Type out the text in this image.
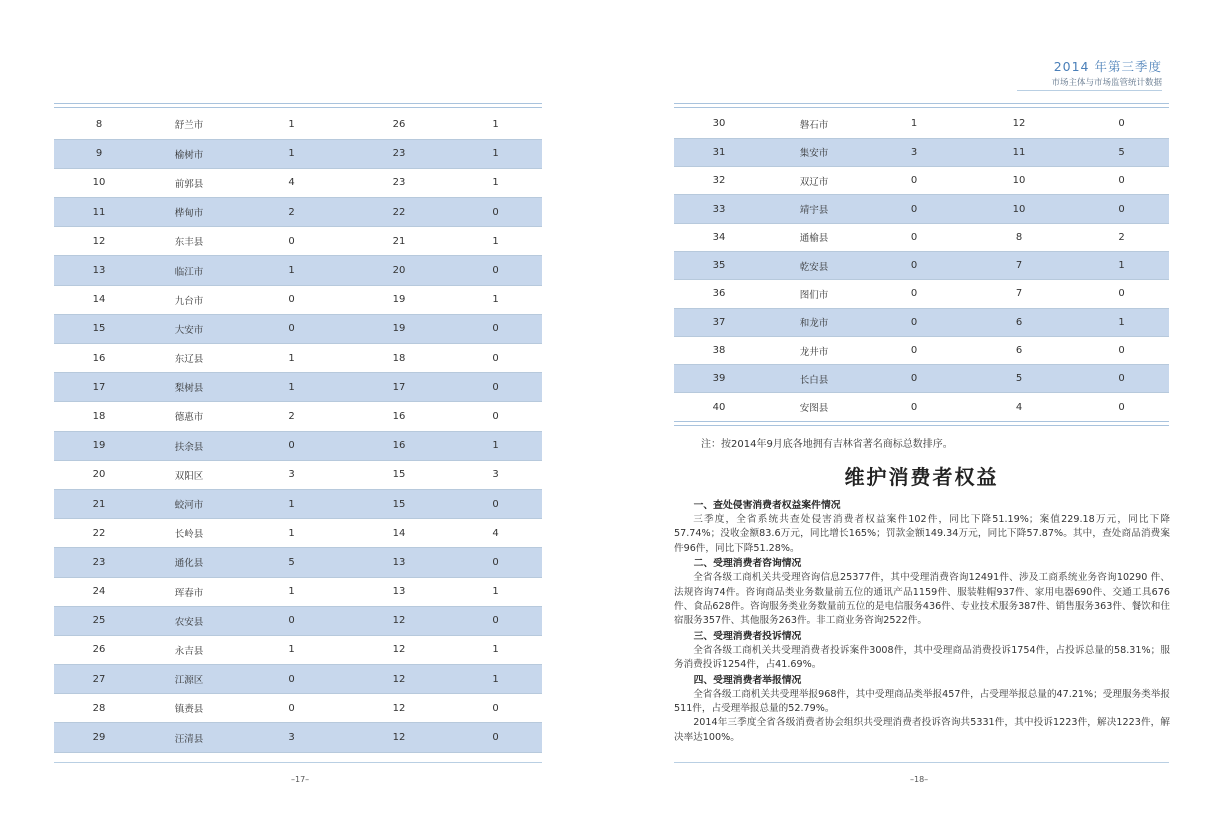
8	舒兰市	1	26	1
9	榆树市	1	23	1
10	前郭县	4	23	1
11	桦甸市	2	22	0
12	东丰县	0	21	1
13	临江市	1	20	0
14	九台市	0	19	1
15	大安市	0	19	0
16	东辽县	1	18	0
17	梨树县	1	17	0
18	德惠市	2	16	0
19	扶余县	0	16	1
20	双阳区	3	15	3
21	蛟河市	1	15	0
22	长岭县	1	14	4
23	通化县	5	13	0
24	珲春市	1	13	1
25	农安县	0	12	0
26	永吉县	1	12	1
27	江源区	0	12	1
28	镇赉县	0	12	0
29	汪清县	3	12	0
–17–
2014 年第三季度
市场主体与市场监管统计数据
30	磐石市	1	12	0
31	集安市	3	11	5
32	双辽市	0	10	0
33	靖宇县	0	10	0
34	通榆县	0	8	2
35	乾安县	0	7	1
36	图们市	0	7	0
37	和龙市	0	6	1
38	龙井市	0	6	0
39	长白县	0	5	0
40	安图县	0	4	0
注：按2014年9月底各地拥有吉林省著名商标总数排序。
维护消费者权益
一、查处侵害消费者权益案件情况

三季度，全省系统共查处侵害消费者权益案件102件，同比下降51.19%；案值229.18万元，同比下降57.74%；没收金额83.6万元，同比增长165%；罚款金额149.34万元，同比下降57.87%。其中，查处商品消费案件96件，同比下降51.28%。

二、受理消费者咨询情况

全省各级工商机关共受理咨询信息25377件，其中受理消费咨询12491件、涉及工商系统业务咨询10290 件、法规咨询74件。咨询商品类业务数量前五位的通讯产品1159件、服装鞋帽937件、家用电器690件、交通工具676件、食品628件。咨询服务类业务数量前五位的是电信服务436件、专业技术服务387件、销售服务363件、餐饮和住宿服务357件、其他服务263件。非工商业务咨询2522件。

三、受理消费者投诉情况

全省各级工商机关共受理消费者投诉案件3008件，其中受理商品消费投诉1754件，占投诉总量的58.31%；服务消费投诉1254件，占41.69%。

四、受理消费者举报情况

全省各级工商机关共受理举报968件，其中受理商品类举报457件，占受理举报总量的47.21%；受理服务类举报511件，占受理举报总量的52.79%。

2014年三季度全省各级消费者协会组织共受理消费者投诉咨询共5331件，其中投诉1223件，解决1223件，解决率达100%。

–18–
